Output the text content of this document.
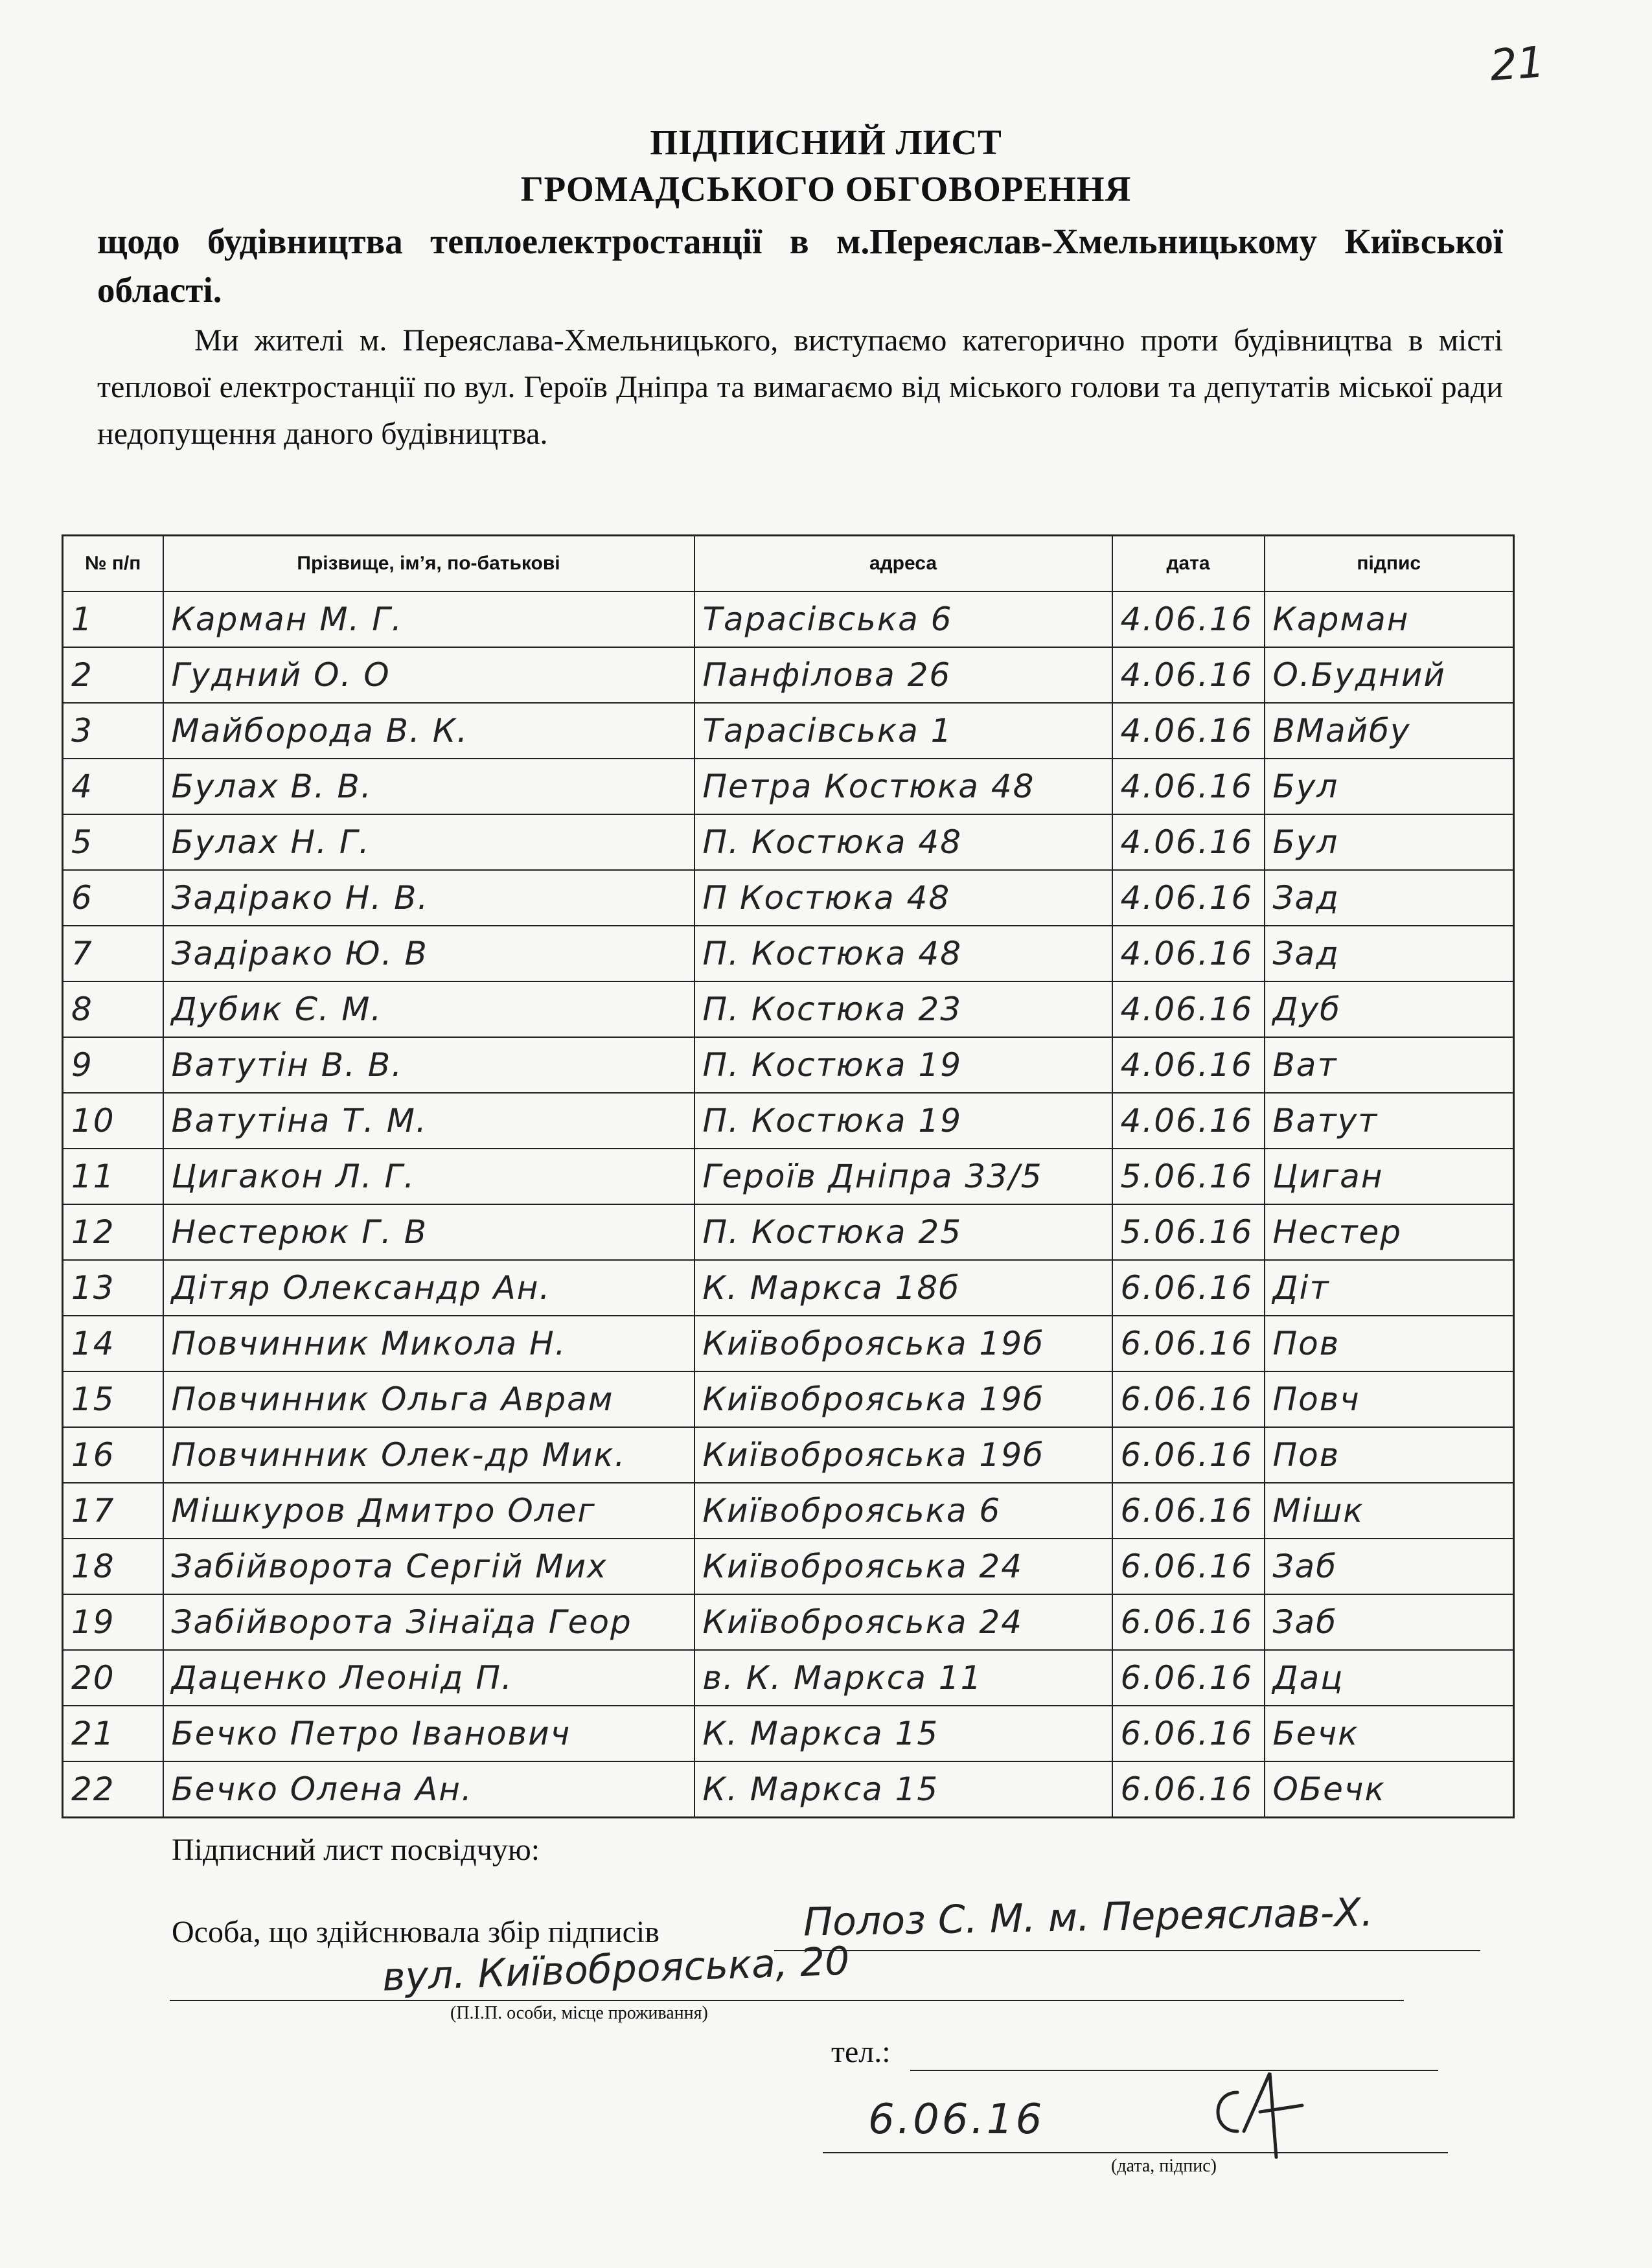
21
ПІДПИСНИЙ ЛИСТ
ГРОМАДСЬКОГО ОБГОВОРЕННЯ
щодо будівництва теплоелектростанції в м.Переяслав-Хмельницькому Київської області.
Ми жителі м. Переяслава-Хмельницького, виступаємо категорично проти будівництва в місті теплової електростанції по вул. Героїв Дніпра та вимагаємо від міського голови та депутатів міської ради недопущення даного будівництва.
№ п/п	Прізвище, ім’я, по-батькові	адреса	дата	підпис
1	Карман М. Г.	Тарасівська 6	4.06.16	Карман
2	Гудний О. О	Панфілова 26	4.06.16	О.Будний
3	Майборода В. К.	Тарасівська 1	4.06.16	ВМайбу
4	Булах В. В.	Петра Костюка 48	4.06.16	Бул
5	Булах Н. Г.	П. Костюка 48	4.06.16	Бул
6	Задірако Н. В.	П Костюка 48	4.06.16	Зад
7	Задірако Ю. В	П. Костюка 48	4.06.16	Зад
8	Дубик Є. М.	П. Костюка 23	4.06.16	Дуб
9	Ватутін В. В.	П. Костюка 19	4.06.16	Ват
10	Ватутіна Т. М.	П. Костюка 19	4.06.16	Ватут
11	Цигакон Л. Г.	Героїв Дніпра 33/5	5.06.16	Циган
12	Нестерюк Г. В	П. Костюка 25	5.06.16	Нестер
13	Дітяр Олександр Ан.	К. Маркса 18б	6.06.16	Діт
14	Повчинник Микола Н.	Київоброяська 19б	6.06.16	Пов
15	Повчинник Ольга Аврам	Київоброяська 19б	6.06.16	Повч
16	Повчинник Олек-др Мик.	Київоброяська 19б	6.06.16	Пов
17	Мішкуров Дмитро Олег	Київоброяська 6	6.06.16	Мішк
18	Забійворота Сергій Мих	Київоброяська 24	6.06.16	Заб
19	Забійворота Зінаїда Геор	Київоброяська 24	6.06.16	Заб
20	Даценко Леонід П.	в. К. Маркса 11	6.06.16	Дац
21	Бечко Петро Іванович	К. Маркса 15	6.06.16	Бечк
22	Бечко Олена Ан.	К. Маркса 15	6.06.16	ОБечк
Підписний лист посвідчую:
Особа, що здійснювала збір підписів	Полоз С. М. м. Переяслав-Х.
вул. Київоброяська, 20
(П.І.П. особи, місце проживання)
тел.:
6.06.16
(дата, підпис)
